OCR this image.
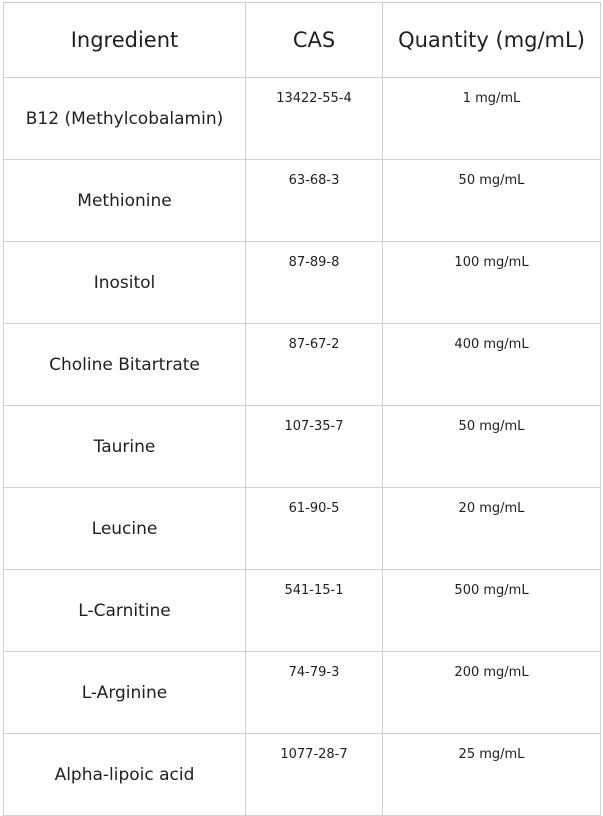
Ingredient	CAS	Quantity (mg/mL)
B12 (Methylcobalamin)	13422-55-4	1 mg/mL
Methionine	63-68-3	50 mg/mL
Inositol	87-89-8	100 mg/mL
Choline Bitartrate	87-67-2	400 mg/mL
Taurine	107-35-7	50 mg/mL
Leucine	61-90-5	20 mg/mL
L-Carnitine	541-15-1	500 mg/mL
L-Arginine	74-79-3	200 mg/mL
Alpha-lipoic acid	1077-28-7	25 mg/mL
